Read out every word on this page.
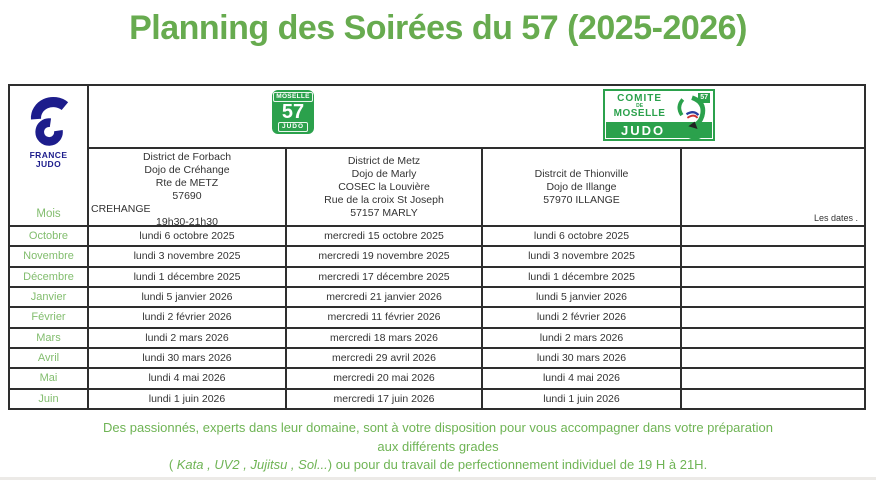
Planning des Soirées du 57 (2025-2026)
FRANCE
JUDO
Mois
MOSELLE
57
JUDO
COMITE
DE
MOSELLE
JUDO
57
District de Forbach
Dojo de Créhange
Rte de METZ
57690
CREHANGE
19h30-21h30
District de Metz
Dojo de Marly
COSEC la Louvière
Rue de la croix St Joseph
57157 MARLY
Distrcit de Thionville
Dojo de Illange
57970 ILLANGE
Les dates .
Octobre	lundi 6 octobre 2025	mercredi 15 octobre 2025	lundi 6 octobre 2025
Novembre	lundi 3 novembre 2025	mercredi 19 novembre 2025	lundi 3 novembre 2025
Décembre	lundi 1 décembre 2025	mercredi 17 décembre 2025	lundi 1 décembre 2025
Janvier	lundi 5 janvier 2026	mercredi 21 janvier 2026	lundi 5 janvier 2026
Février	lundi 2 février 2026	mercredi 11 février 2026	lundi 2 février 2026
Mars	lundi 2 mars 2026	mercredi 18 mars 2026	lundi 2 mars 2026
Avril	lundi 30 mars 2026	mercredi 29 avril 2026	lundi 30 mars 2026
Mai	lundi 4 mai 2026	mercredi 20 mai 2026	lundi 4 mai 2026
Juin	lundi 1 juin 2026	mercredi 17 juin 2026	lundi 1 juin 2026
Des passionnés, experts dans leur domaine, sont à votre disposition pour vous accompagner dans votre préparation
aux différents grades
( Kata , UV2 , Jujitsu , Sol...) ou pour du travail de perfectionnement individuel de 19 H à 21H.
